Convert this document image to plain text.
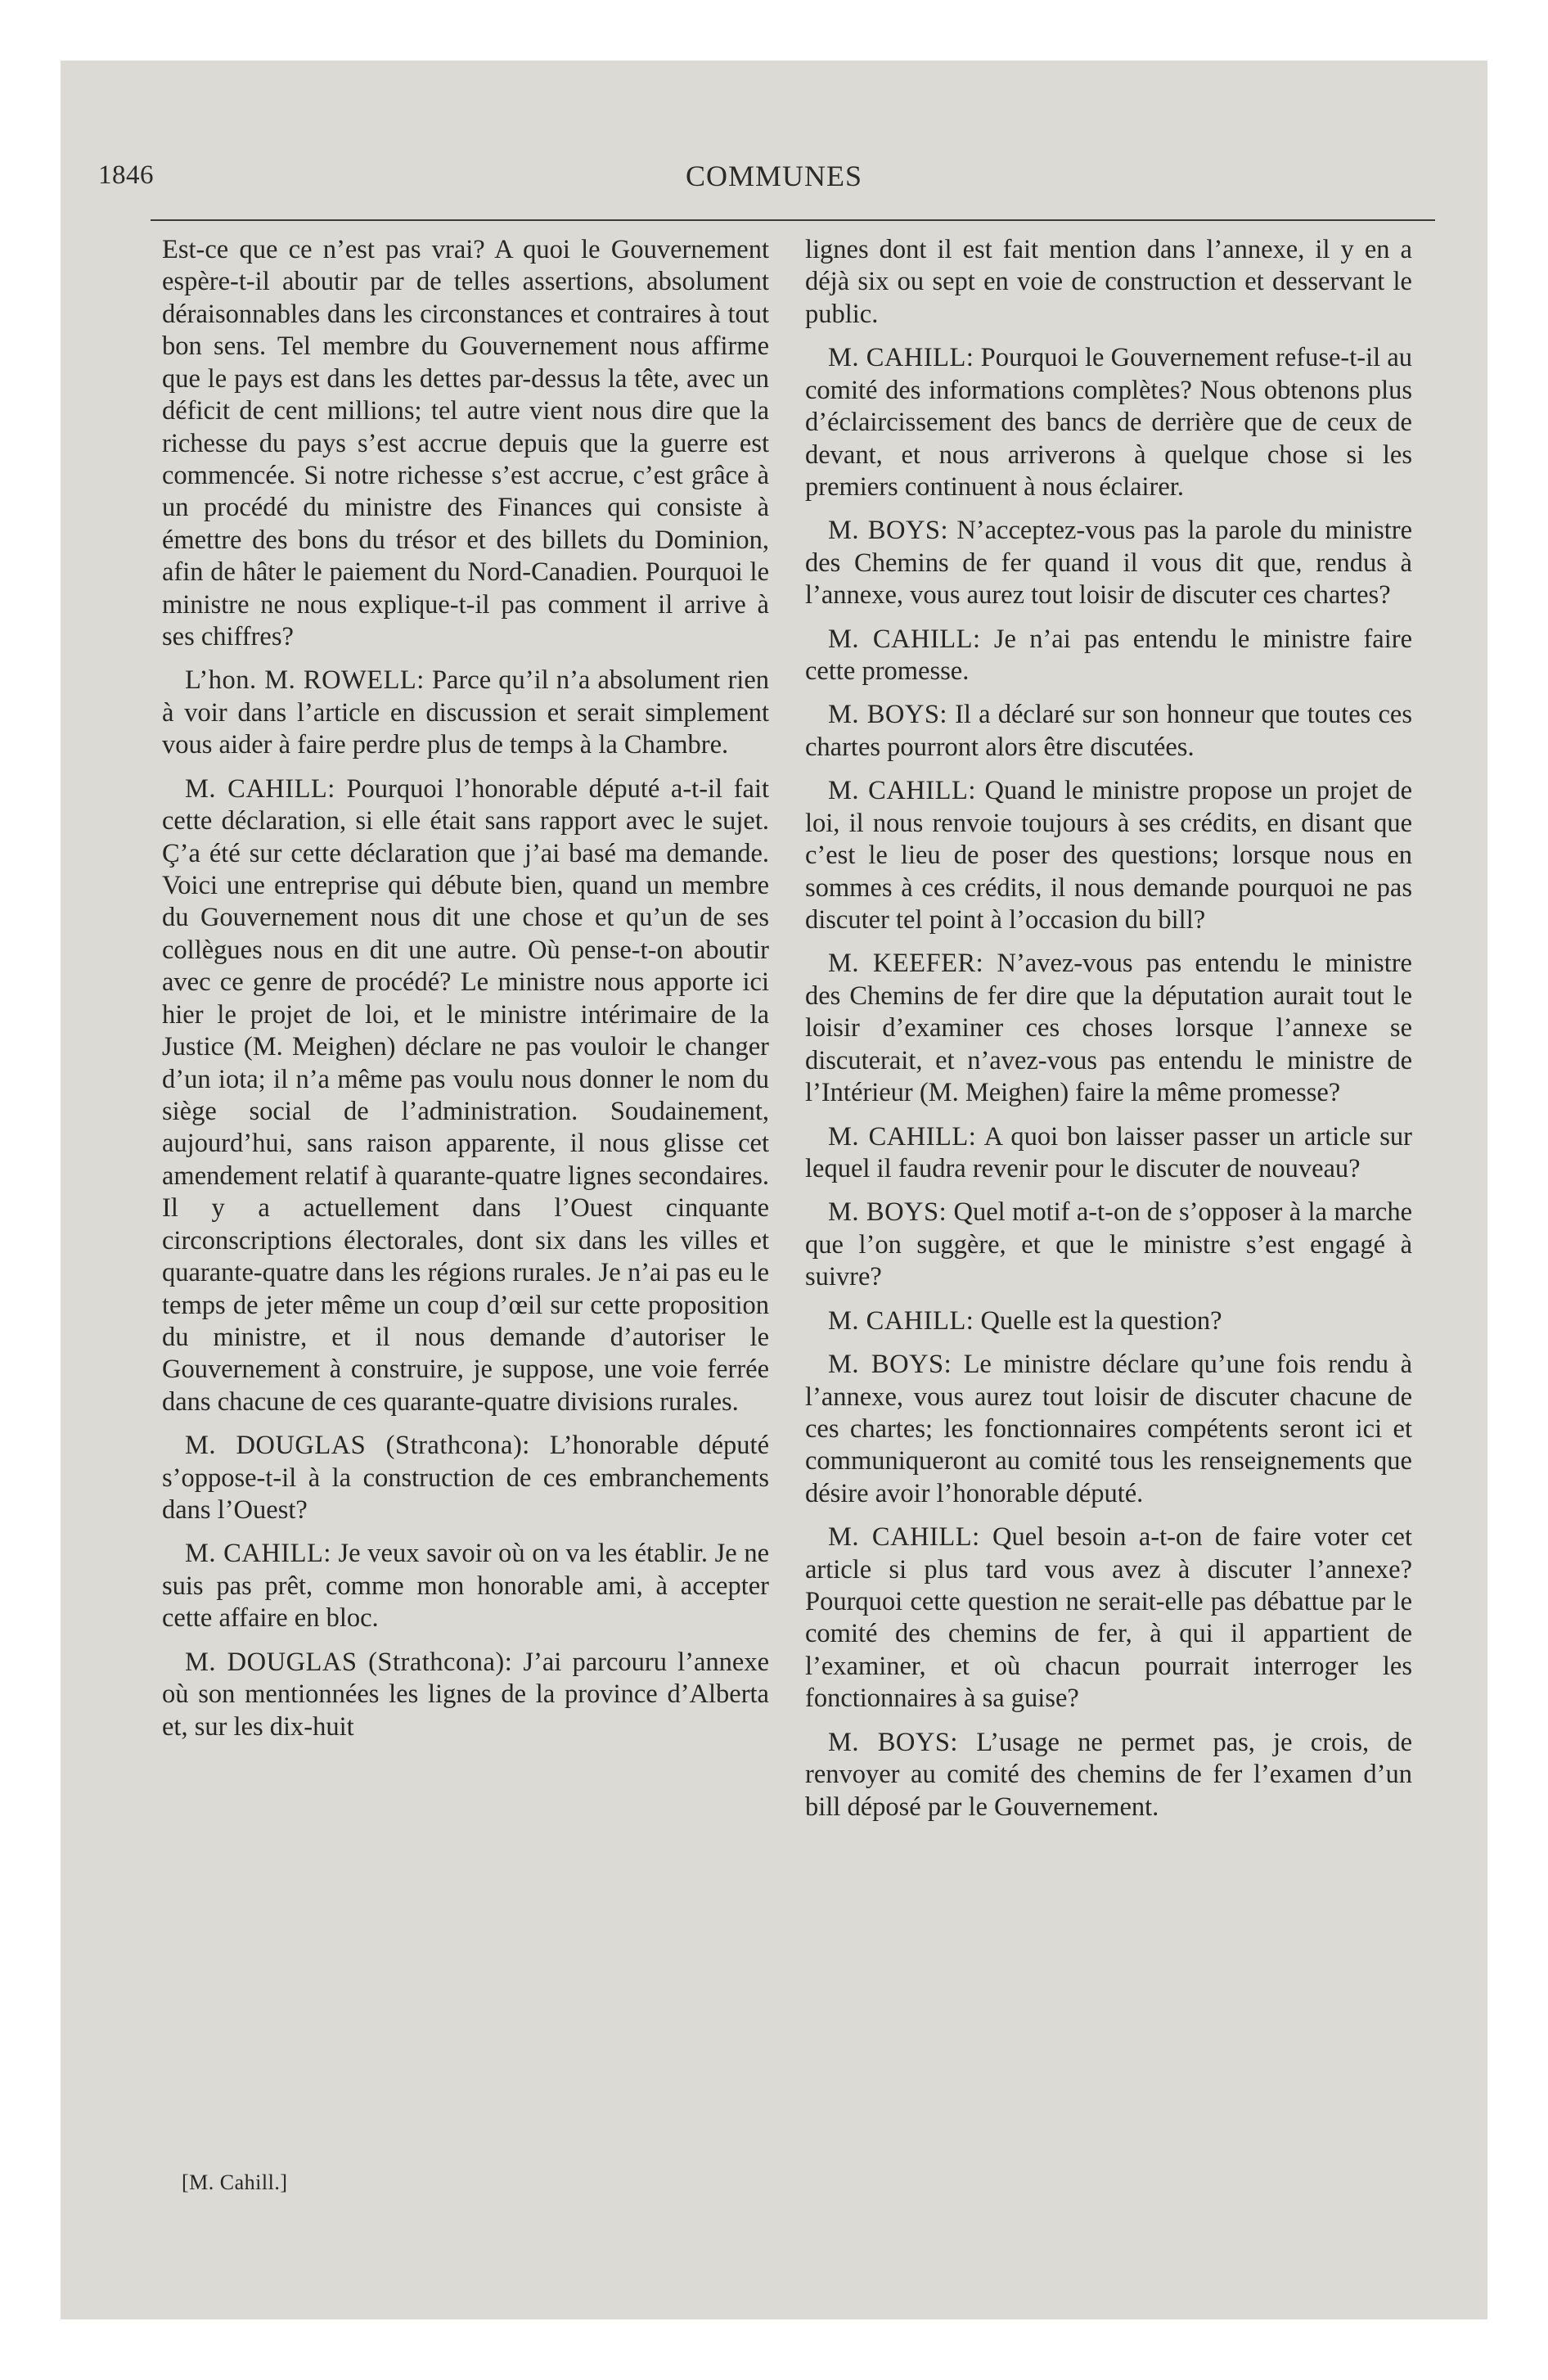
1846	COMMUNES

Est-ce que ce n’est pas vrai? A quoi le Gouvernement espère-t-il aboutir par de telles assertions, absolument déraisonnables dans les circonstances et contraires à tout bon sens. Tel membre du Gouvernement nous affirme que le pays est dans les dettes par-dessus la tête, avec un déficit de cent millions; tel autre vient nous dire que la richesse du pays s’est accrue depuis que la guerre est commencée. Si notre richesse s’est accrue, c’est grâce à un procédé du ministre des Finances qui consiste à émettre des bons du trésor et des billets du Dominion, afin de hâter le paiement du Nord-Canadien. Pourquoi le ministre ne nous explique-t-il pas comment il arrive à ses chiffres?

L’hon. M. ROWELL: Parce qu’il n’a absolument rien à voir dans l’article en discussion et serait simplement vous aider à faire perdre plus de temps à la Chambre.

M. CAHILL: Pourquoi l’honorable député a-t-il fait cette déclaration, si elle était sans rapport avec le sujet. Ç’a été sur cette déclaration que j’ai basé ma demande. Voici une entreprise qui débute bien, quand un membre du Gouvernement nous dit une chose et qu’un de ses collègues nous en dit une autre. Où pense-t-on aboutir avec ce genre de procédé? Le ministre nous apporte ici hier le projet de loi, et le ministre intérimaire de la Justice (M. Meighen) déclare ne pas vouloir le changer d’un iota; il n’a même pas voulu nous donner le nom du siège social de l’administration. Soudainement, aujourd’hui, sans raison apparente, il nous glisse cet amendement relatif à quarante-quatre lignes secondaires. Il y a actuellement dans l’Ouest cinquante circonscriptions électorales, dont six dans les villes et quarante-quatre dans les régions rurales. Je n’ai pas eu le temps de jeter même un coup d’œil sur cette proposition du ministre, et il nous demande d’autoriser le Gouvernement à construire, je suppose, une voie ferrée dans chacune de ces quarante-quatre divisions rurales.

M. DOUGLAS (Strathcona): L’honorable député s’oppose-t-il à la construction de ces embranchements dans l’Ouest?

M. CAHILL: Je veux savoir où on va les établir. Je ne suis pas prêt, comme mon honorable ami, à accepter cette affaire en bloc.

M. DOUGLAS (Strathcona): J’ai parcouru l’annexe où son mentionnées les lignes de la province d’Alberta et, sur les dix-huit

lignes dont il est fait mention dans l’annexe, il y en a déjà six ou sept en voie de construction et desservant le public.

M. CAHILL: Pourquoi le Gouvernement refuse-t-il au comité des informations complètes? Nous obtenons plus d’éclaircissement des bancs de derrière que de ceux de devant, et nous arriverons à quelque chose si les premiers continuent à nous éclairer.

M. BOYS: N’acceptez-vous pas la parole du ministre des Chemins de fer quand il vous dit que, rendus à l’annexe, vous aurez tout loisir de discuter ces chartes?

M. CAHILL: Je n’ai pas entendu le ministre faire cette promesse.

M. BOYS: Il a déclaré sur son honneur que toutes ces chartes pourront alors être discutées.

M. CAHILL: Quand le ministre propose un projet de loi, il nous renvoie toujours à ses crédits, en disant que c’est le lieu de poser des questions; lorsque nous en sommes à ces crédits, il nous demande pourquoi ne pas discuter tel point à l’occasion du bill?

M. KEEFER: N’avez-vous pas entendu le ministre des Chemins de fer dire que la députation aurait tout le loisir d’examiner ces choses lorsque l’annexe se discuterait, et n’avez-vous pas entendu le ministre de l’Intérieur (M. Meighen) faire la même promesse?

M. CAHILL: A quoi bon laisser passer un article sur lequel il faudra revenir pour le discuter de nouveau?

M. BOYS: Quel motif a-t-on de s’opposer à la marche que l’on suggère, et que le ministre s’est engagé à suivre?

M. CAHILL: Quelle est la question?

M. BOYS: Le ministre déclare qu’une fois rendu à l’annexe, vous aurez tout loisir de discuter chacune de ces chartes; les fonctionnaires compétents seront ici et communiqueront au comité tous les renseignements que désire avoir l’honorable député.

M. CAHILL: Quel besoin a-t-on de faire voter cet article si plus tard vous avez à discuter l’annexe? Pourquoi cette question ne serait-elle pas débattue par le comité des chemins de fer, à qui il appartient de l’examiner, et où chacun pourrait interroger les fonctionnaires à sa guise?

M. BOYS: L’usage ne permet pas, je crois, de renvoyer au comité des chemins de fer l’examen d’un bill déposé par le Gouvernement.

[M. Cahill.]
